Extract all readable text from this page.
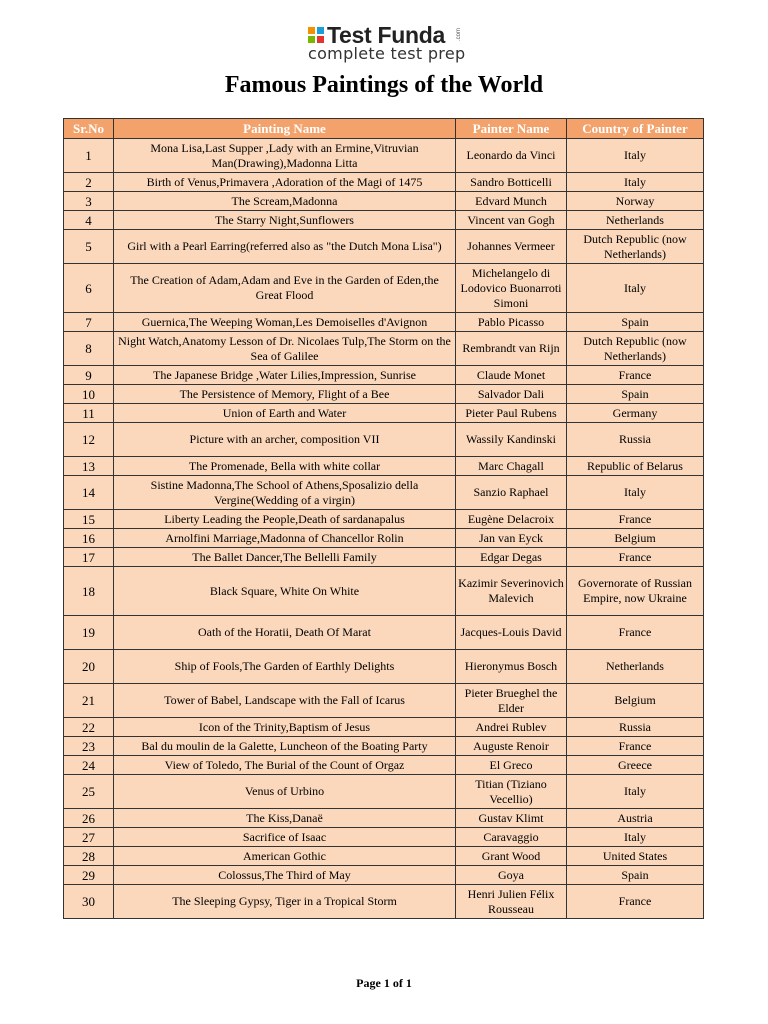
Test Funda .com
complete test prep
Famous Paintings of the World
Sr.No	Painting Name	Painter Name	Country of Painter
1	Mona Lisa,Last Supper ,Lady with an Ermine,Vitruvian Man(Drawing),Madonna Litta	Leonardo da Vinci	Italy
2	Birth of Venus,Primavera ,Adoration of the Magi of 1475	Sandro Botticelli	Italy
3	The Scream,Madonna	Edvard Munch	Norway
4	The Starry Night,Sunflowers	Vincent van Gogh	Netherlands
5	Girl with a Pearl Earring(referred also as "the Dutch Mona Lisa")	Johannes Vermeer	Dutch Republic (now Netherlands)
6	The Creation of Adam,Adam and Eve in the Garden of Eden,the Great Flood	Michelangelo di Lodovico Buonarroti Simoni	Italy
7	Guernica,The Weeping Woman,Les Demoiselles d'Avignon	Pablo Picasso	Spain
8	Night Watch,Anatomy Lesson of Dr. Nicolaes Tulp,The Storm on the Sea of Galilee	Rembrandt van Rijn	Dutch Republic (now Netherlands)
9	The Japanese Bridge ,Water Lilies,Impression, Sunrise	Claude Monet	France
10	The Persistence of Memory, Flight of a Bee	Salvador Dali	Spain
11	Union of Earth and Water	Pieter Paul Rubens	Germany
12	Picture with an archer, composition VII	Wassily Kandinski	Russia
13	The Promenade, Bella with white collar	Marc Chagall	Republic of Belarus
14	Sistine Madonna,The School of Athens,Sposalizio della Vergine(Wedding of a virgin)	Sanzio Raphael	Italy
15	Liberty Leading the People,Death of sardanapalus	Eugène Delacroix	France
16	Arnolfini Marriage,Madonna of Chancellor Rolin	Jan van Eyck	Belgium
17	The Ballet Dancer,The Bellelli Family	Edgar Degas	France
18	Black Square, White On White	Kazimir Severinovich Malevich	Governorate of Russian Empire, now Ukraine
19	Oath of the Horatii, Death Of Marat	Jacques-Louis David	France
20	Ship of Fools,The Garden of Earthly Delights	Hieronymus Bosch	Netherlands
21	Tower of Babel, Landscape with the Fall of Icarus	Pieter Brueghel the Elder	Belgium
22	Icon of the Trinity,Baptism of Jesus	Andrei Rublev	Russia
23	Bal du moulin de la Galette, Luncheon of the Boating Party	Auguste Renoir	France
24	View of Toledo, The Burial of the Count of Orgaz	El Greco	Greece
25	Venus of Urbino	Titian (Tiziano Vecellio)	Italy
26	The Kiss,Danaë	Gustav Klimt	Austria
27	Sacrifice of Isaac	Caravaggio	Italy
28	American Gothic	Grant Wood	United States
29	Colossus,The Third of May	Goya	Spain
30	The Sleeping Gypsy, Tiger in a Tropical Storm	Henri Julien Félix Rousseau	France
Page 1 of 1
